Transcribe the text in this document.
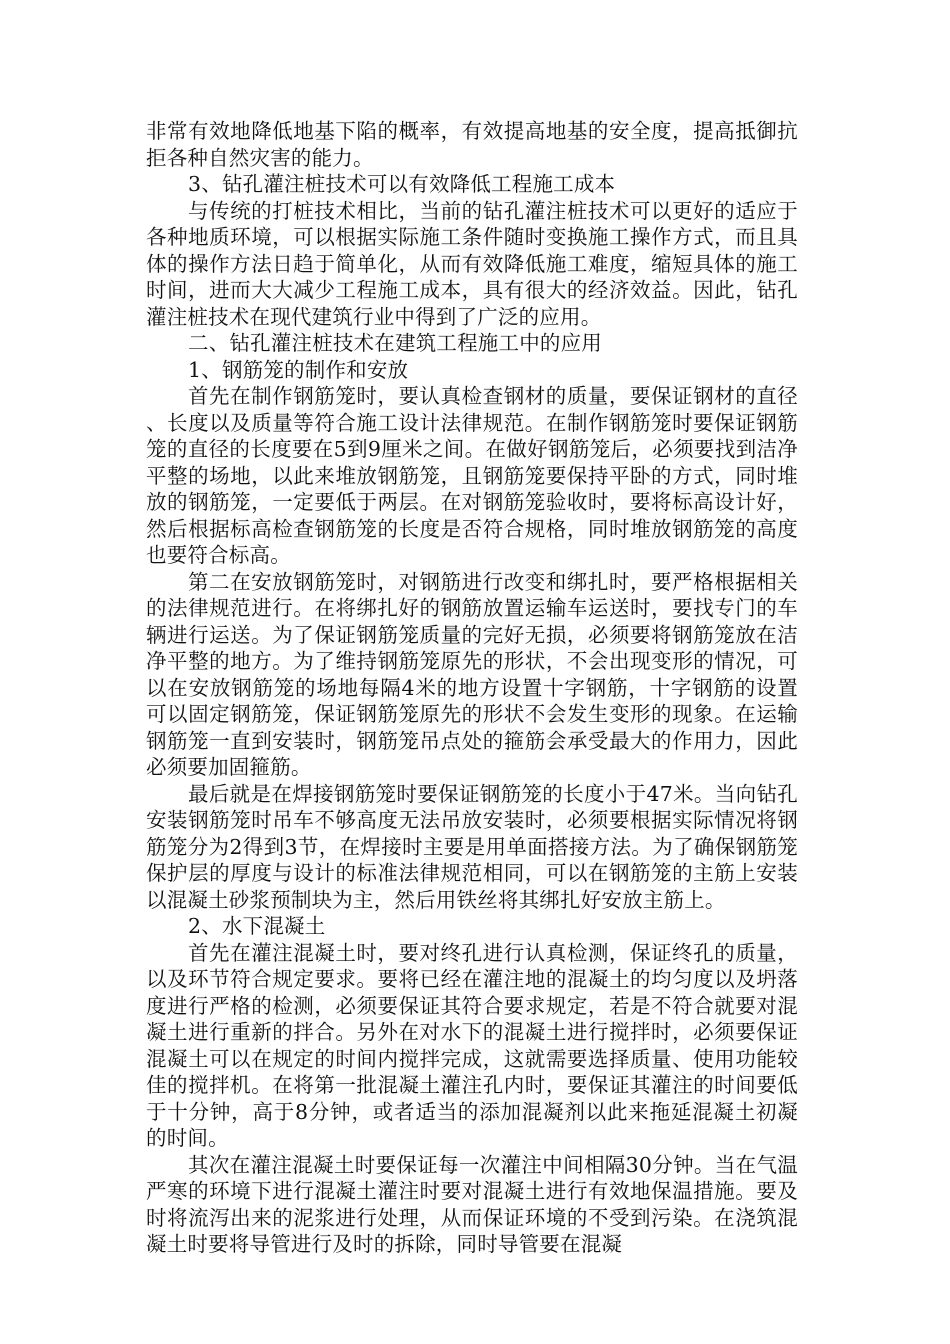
非常有效地降低地基下陷的概率，有效提高地基的安全度，提高抵御抗拒各种自然灾害的能力。

3、钻孔灌注桩技术可以有效降低工程施工成本

与传统的打桩技术相比，当前的钻孔灌注桩技术可以更好的适应于各种地质环境，可以根据实际施工条件随时变换施工操作方式，而且具体的操作方法日趋于简单化，从而有效降低施工难度，缩短具体的施工时间，进而大大减少工程施工成本，具有很大的经济效益。因此，钻孔灌注桩技术在现代建筑行业中得到了广泛的应用。

二、钻孔灌注桩技术在建筑工程施工中的应用

1、钢筋笼的制作和安放

首先在制作钢筋笼时，要认真检查钢材的质量，要保证钢材的直径、长度以及质量等符合施工设计法律规范。在制作钢筋笼时要保证钢筋笼的直径的长度要在5到9厘米之间。在做好钢筋笼后，必须要找到洁净平整的场地，以此来堆放钢筋笼，且钢筋笼要保持平卧的方式，同时堆放的钢筋笼，一定要低于两层。在对钢筋笼验收时，要将标高设计好，然后根据标高检查钢筋笼的长度是否符合规格，同时堆放钢筋笼的高度也要符合标高。

第二在安放钢筋笼时，对钢筋进行改变和绑扎时，要严格根据相关的法律规范进行。在将绑扎好的钢筋放置运输车运送时，要找专门的车辆进行运送。为了保证钢筋笼质量的完好无损，必须要将钢筋笼放在洁净平整的地方。为了维持钢筋笼原先的形状，不会出现变形的情况，可以在安放钢筋笼的场地每隔4米的地方设置十字钢筋，十字钢筋的设置可以固定钢筋笼，保证钢筋笼原先的形状不会发生变形的现象。在运输钢筋笼一直到安装时，钢筋笼吊点处的箍筋会承受最大的作用力，因此必须要加固箍筋。

最后就是在焊接钢筋笼时要保证钢筋笼的长度小于47米。当向钻孔安装钢筋笼时吊车不够高度无法吊放安装时，必须要根据实际情况将钢筋笼分为2得到3节，在焊接时主要是用单面搭接方法。为了确保钢筋笼保护层的厚度与设计的标准法律规范相同，可以在钢筋笼的主筋上安装以混凝土砂浆预制块为主，然后用铁丝将其绑扎好安放主筋上。

2、水下混凝土

首先在灌注混凝土时，要对终孔进行认真检测，保证终孔的质量，以及环节符合规定要求。要将已经在灌注地的混凝土的均匀度以及坍落度进行严格的检测，必须要保证其符合要求规定，若是不符合就要对混凝土进行重新的拌合。另外在对水下的混凝土进行搅拌时，必须要保证混凝土可以在规定的时间内搅拌完成，这就需要选择质量、使用功能较佳的搅拌机。在将第一批混凝土灌注孔内时，要保证其灌注的时间要低于十分钟，高于8分钟，或者适当的添加混凝剂以此来拖延混凝土初凝的时间。

其次在灌注混凝土时要保证每一次灌注中间相隔30分钟。当在气温严寒的环境下进行混凝土灌注时要对混凝土进行有效地保温措施。要及时将流泻出来的泥浆进行处理，从而保证环境的不受到污染。在浇筑混凝土时要将导管进行及时的拆除，同时导管要在混凝
